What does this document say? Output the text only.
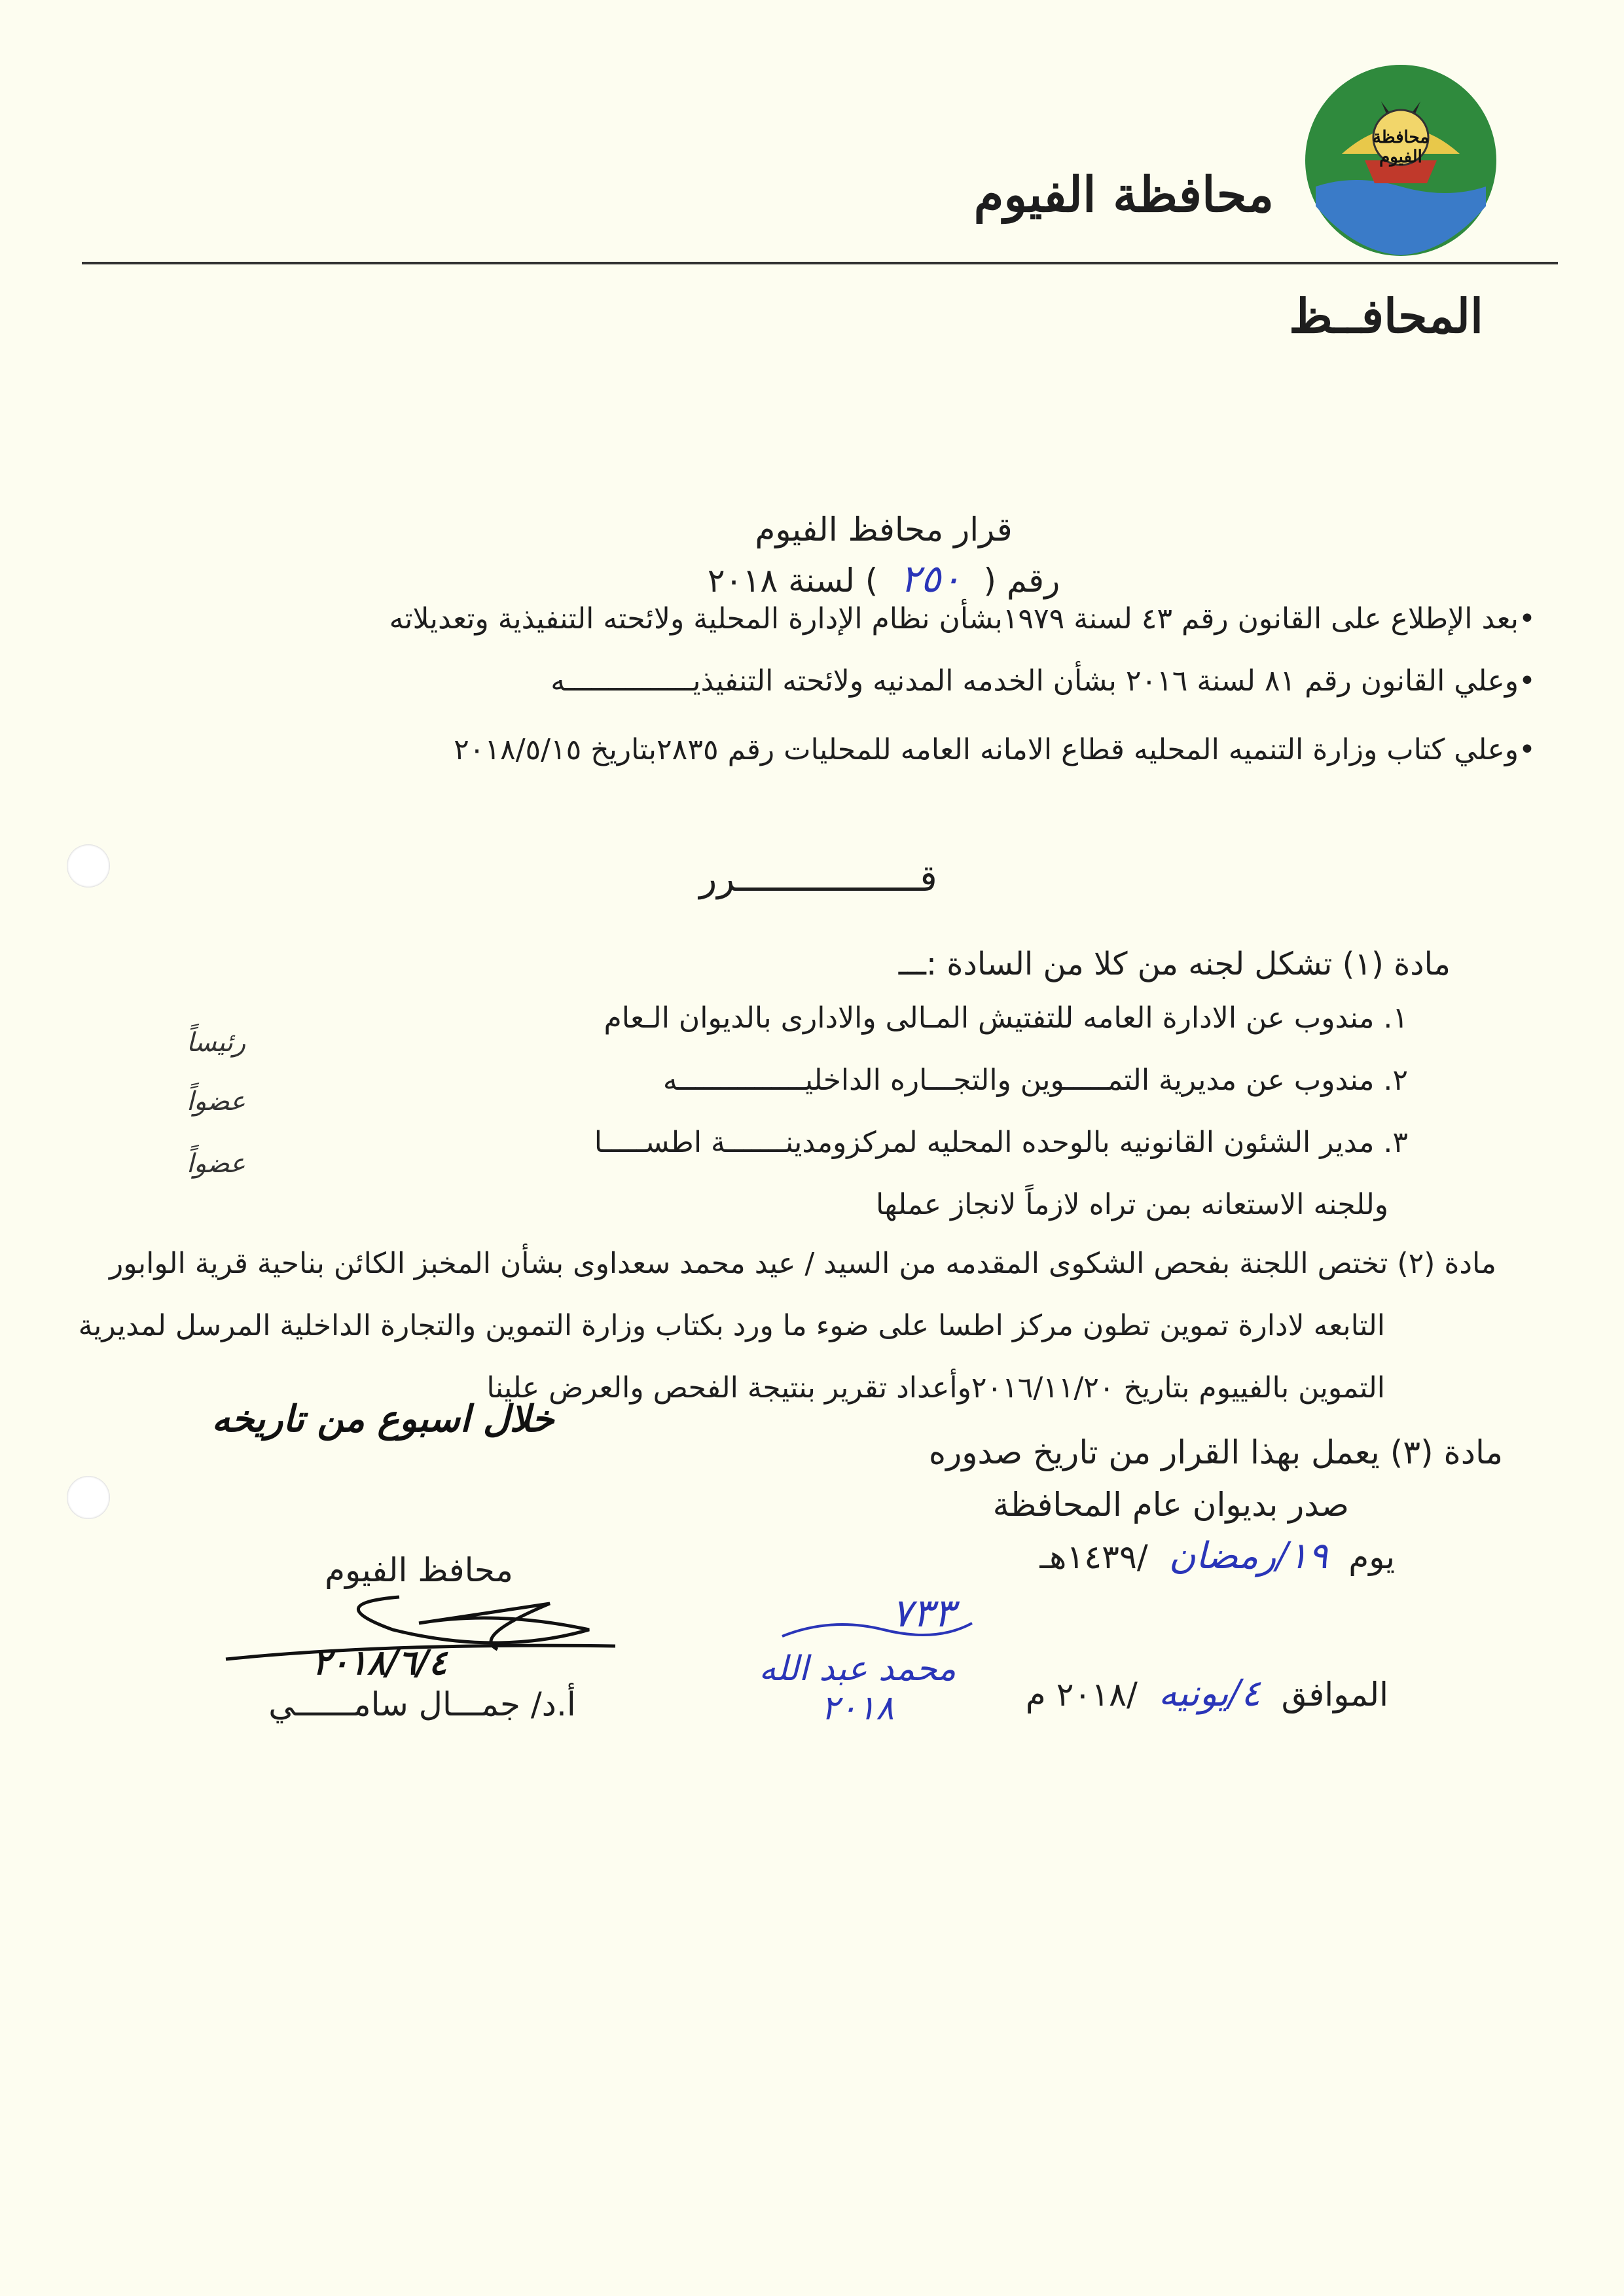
محافظة الفيوم
محافظة الفيوم
المحافــظ
قرار محافظ الفيوم
رقم ( ٢٥٠ ) لسنة ٢٠١٨
•بعد الإطلاع على القانون رقم ٤٣ لسنة ١٩٧٩بشأن نظام الإدارة المحلية ولائحته التنفيذية وتعديلاته
•وعلي القانون رقم ٨١ لسنة ٢٠١٦ بشأن الخدمه المدنيه ولائحته التنفيذيـــــــــــــــه
•وعلي كتاب وزارة التنميه المحليه قطاع الامانه العامه للمحليات رقم ٢٨٣٥بتاريخ ٢٠١٨/٥/١٥
قـــــــــــــــــرر
مادة (١) تشكل لجنه من كلا من السادة :ـــ
١. مندوب عن الادارة العامه للتفتيش المـالى والادارى بالديوان الـعام
رئيساً
٢. مندوب عن مديرية التمـــــوين والتجـــاره الداخليـــــــــــــــه
عضواً
٣. مدير الشئون القانونيه بالوحده المحليه لمركزومدينـــــــة اطســـــا
عضواً
وللجنه الاستعانه بمن تراه لازماً لانجاز عملها
مادة (٢) تختص اللجنة بفحص الشكوى المقدمه من السيد / عيد محمد سعداوى بشأن المخبز الكائن بناحية قرية الوابور
التابعه لادارة تموين تطون مركز اطسا على ضوء ما ورد بكتاب وزارة التموين والتجارة الداخلية المرسل لمديرية
التموين بالفييوم بتاريخ ٢٠١٦/١١/٢٠وأعداد تقرير بنتيجة الفحص والعرض علينا
خلال اسبوع من تاريخه
مادة (٣) يعمل بهذا القرار من تاريخ صدوره
صدر بديوان عام المحافظة
يوم ١٩/رمضان /١٤٣٩هـ
الموافق ٤/يونيه /٢٠١٨ م
٧٣٣
محمد عبد الله ٢٠١٨
محافظ الفيوم
٢٠١٨/٦/٤
أ.د/ جمـــال سامــــــي
